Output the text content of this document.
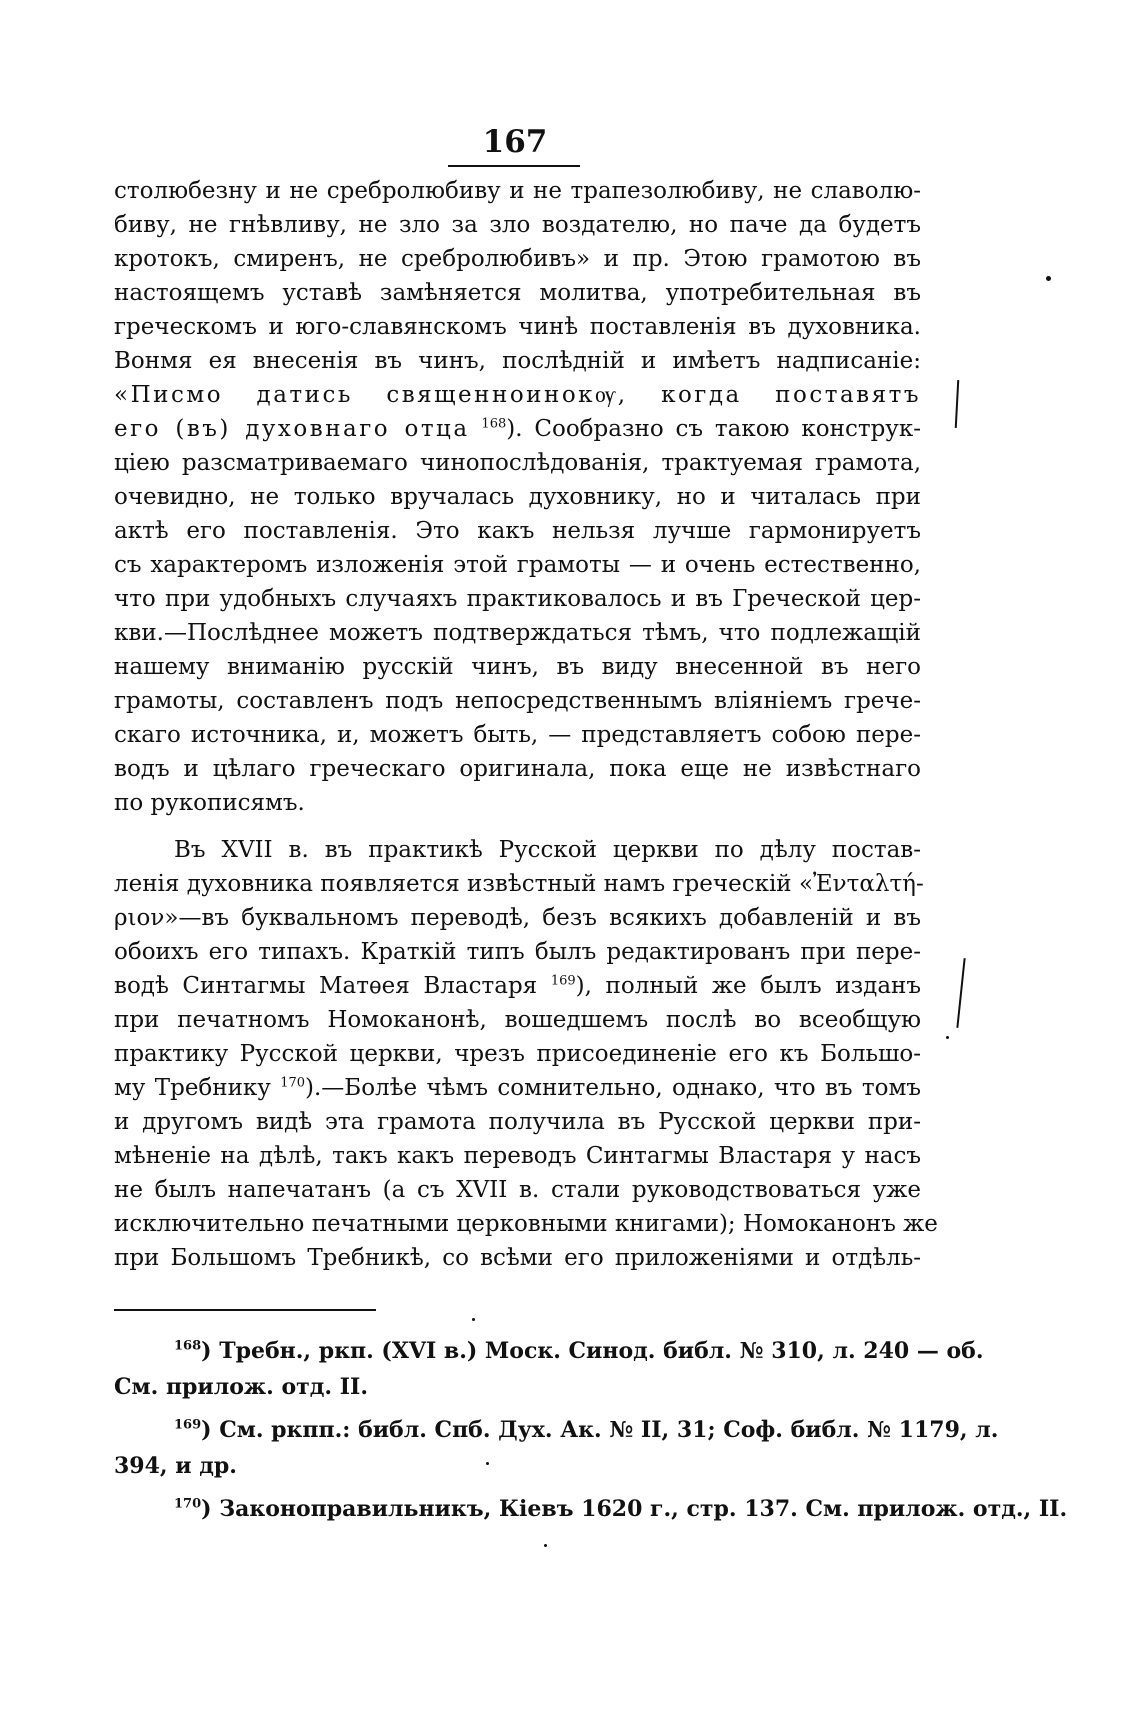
167
столюбезну и не сребролюбиву и не трапезолюбиву, не славолю-
биву, не гнѣвливу, не зло за зло воздателю, но паче да будетъ
кротокъ, смиренъ, не сребролюбивъ» и пр. Этою грамотою въ
настоящемъ уставѣ замѣняется молитва, употребительная въ
греческомъ и юго-славянскомъ чинѣ поставленія въ духовника.
Вонмя ея внесенія въ чинъ, послѣдній и имѣетъ надписаніе:
«Писмо датись священноинокѹ, когда поставятъ
его (въ) духовнаго отца $^{168}$). Сообразно съ такою конструк-
ціею разсматриваемаго чинопослѣдованія, трактуемая грамота,
очевидно, не только вручалась духовнику, но и читалась при
актѣ его поставленія. Это какъ нельзя лучше гармонируетъ
съ характеромъ изложенія этой грамоты — и очень естественно,
что при удобныхъ случаяхъ практиковалось и въ Греческой цер-
кви.—Послѣднее можетъ подтверждаться тѣмъ, что подлежащій
нашему вниманію русскій чинъ, въ виду внесенной въ него
грамоты, составленъ подъ непосредственнымъ вліяніемъ грече-
скаго источника, и, можетъ быть, — представляетъ собою пере-
водъ и цѣлаго греческаго оригинала, пока еще не извѣстнаго
по рукописямъ.
Въ XVII в. въ практикѣ Русской церкви по дѣлу постав-
ленія духовника появляется извѣстный намъ греческій «Ἐνταλτή-
ριον»—въ буквальномъ переводѣ, безъ всякихъ добавленій и въ
обоихъ его типахъ. Краткій типъ былъ редактированъ при пере-
водѣ Синтагмы Матѳея Властаря $^{169}$), полный же былъ изданъ
при печатномъ Номоканонѣ, вошедшемъ послѣ во всеобщую
практику Русской церкви, чрезъ присоединеніе его къ Большо-
му Требнику $^{170}$).—Болѣе чѣмъ сомнительно, однако, что въ томъ
и другомъ видѣ эта грамота получила въ Русской церкви при-
мѣненіе на дѣлѣ, такъ какъ переводъ Синтагмы Властаря у насъ
не былъ напечатанъ (а съ XVII в. стали руководствоваться уже
исключительно печатными церковными книгами); Номоканонъ же
при Большомъ Требникѣ, со всѣми его приложеніями и отдѣль-
$^{168}$) Требн., ркп. (XVI в.) Моск. Синод. библ. № 310, л. 240 — об.
См. прилож. отд. II.
$^{169}$) См. ркпп.: библ. Спб. Дух. Ак. № II, 31; Соф. библ. № 1179, л.
394, и др.
$^{170}$) Законоправильникъ, Кіевъ 1620 г., стр. 137. См. прилож. отд., II.
